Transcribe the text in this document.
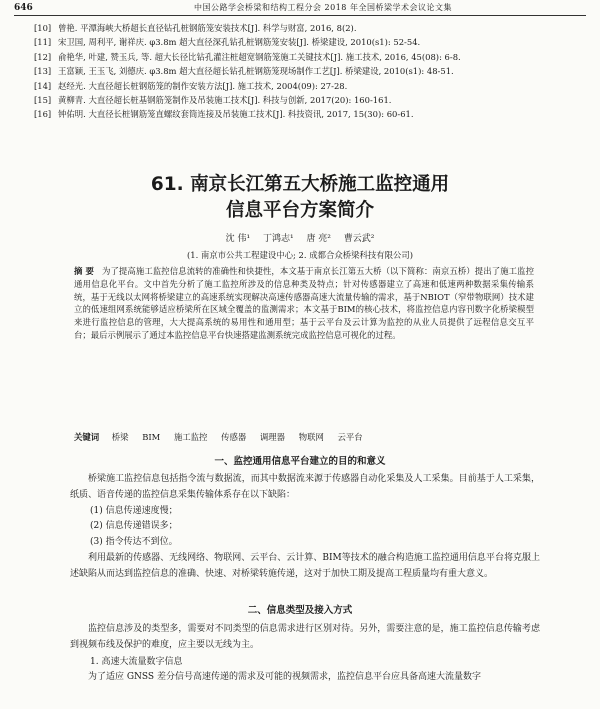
646	中国公路学会桥梁和结构工程分会 2018 年全国桥梁学术会议论文集
[10] 曾艳. 平潭海峡大桥超长直径钻孔桩钢筋笼安装技术[J]. 科学与财富, 2016, 8(2).
[11] 宋卫国, 周利平, 谢祥庆. φ3.8m 超大直径深孔钻孔桩钢筋笼安装[J]. 桥梁建设, 2010(s1): 52-54.
[12] 俞艳华, 叶建, 赞玉兵, 等. 超大长径比钻孔灌注桩超宽钢筋笼施工关键技术[J]. 施工技术, 2016, 45(08): 6-8.
[13] 王富颖, 王玉飞, 刘德庆. φ3.8m 超大直径超长钻孔桩钢筋笼现场制作工艺[J]. 桥梁建设, 2010(s1): 48-51.
[14] 赵经光. 大直径超长桩钢筋笼的制作安装方法[J]. 施工技术, 2004(09): 27-28.
[15] 黄柳青. 大直径超长桩基钢筋笼制作及吊装施工技术[J]. 科技与创新, 2017(20): 160-161.
[16] 钟佑明. 大直径长桩钢筋笼直螺纹套筒连接及吊装施工技术[J]. 科技资讯, 2017, 15(30): 60-61.
61. 南京长江第五大桥施工监控通用
信息平台方案简介
沈 伟¹ 丁鸿志¹ 唐 亮² 曹云武²
(1. 南京市公共工程建设中心; 2. 成都合众桥梁科技有限公司)
摘 要 为了提高施工监控信息流转的准确性和快捷性，本文基于南京长江第五大桥（以下简称：南京五桥）提出了施工监控通用信息化平台。文中首先分析了施工监控所涉及的信息种类及特点；针对传感器建立了高速和低速两种数据采集传输系统，基于无线以太网将桥梁建立的高速系统实现解决高速传感器高速大流量传输的需求，基于NBIOT（窄带物联网）技术建立的低速组网系统能够适应桥梁所在区域全覆盖的监测需求；本文基于BIM的核心技术，将监控信息内容刊数字化桥梁模型来进行监控信息的管理，大大提高系统的易用性和通用型；基于云平台及云计算为监控的从业人员提供了远程信息交互平台；最后示例展示了通过本监控信息平台快速搭建监测系统完成监控信息可视化的过程。
关键词 桥梁 BIM 施工监控 传感器 调理器 物联网 云平台
一、监控通用信息平台建立的目的和意义
桥梁施工监控信息包括指令流与数据流，而其中数据流来源于传感器自动化采集及人工采集。目前基于人工采集，纸质、语音传递的监控信息采集传输体系存在以下缺陷：
(1) 信息传递速度慢；
(2) 信息传递错误多；
(3) 指令传达不到位。
利用最新的传感器、无线网络、物联网、云平台、云计算、BIM等技术的融合构造施工监控通用信息平台将克服上述缺陷从而达到监控信息的准确、快速、对桥梁转施传递，这对于加快工期及提高工程质量均有重大意义。
二、信息类型及接入方式
监控信息涉及的类型多，需要对不同类型的信息需求进行区别对待。另外，需要注意的是，施工监控信息传输考虑到视频布线及保护的难度，应主要以无线为主。
1. 高速大流量数字信息
为了适应 GNSS 差分信号高速传递的需求及可能的视频需求，监控信息平台应具备高速大流量数字
